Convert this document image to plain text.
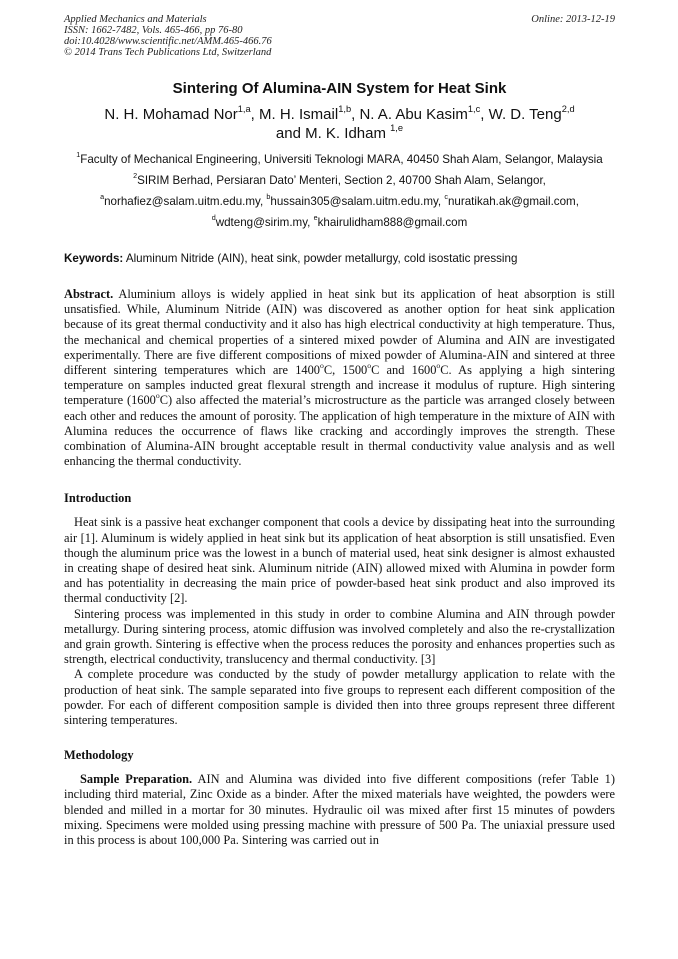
Applied Mechanics and Materials
ISSN: 1662-7482, Vols. 465-466, pp 76-80
doi:10.4028/www.scientific.net/AMM.465-466.76
© 2014 Trans Tech Publications Ltd, Switzerland
Online: 2013-12-19
Sintering Of Alumina-AIN System for Heat Sink
N. H. Mohamad Nor$^{1,a}$, M. H. Ismail$^{1,b}$, N. A. Abu Kasim$^{1,c}$, W. D. Teng$^{2,d}$
and M. K. Idham $^{1,e}$
$^1$Faculty of Mechanical Engineering, Universiti Teknologi MARA, 40450 Shah Alam, Selangor, Malaysia
$^2$SIRIM Berhad, Persiaran Dato’ Menteri, Section 2, 40700 Shah Alam, Selangor,
$^a$norhafiez@salam.uitm.edu.my, $^b$hussain305@salam.uitm.edu.my, $^c$nuratikah.ak@gmail.com,
$^d$wdteng@sirim.my, $^e$khairulidham888@gmail.com
Keywords: Aluminum Nitride (AIN), heat sink, powder metallurgy, cold isostatic pressing
Abstract. Aluminium alloys is widely applied in heat sink but its application of heat absorption is still unsatisfied. While, Aluminum Nitride (AIN) was discovered as another option for heat sink application because of its great thermal conductivity and it also has high electrical conductivity at high temperature. Thus, the mechanical and chemical properties of a sintered mixed powder of Alumina and AIN are investigated experimentally. There are five different compositions of mixed powder of Alumina-AIN and sintered at three different sintering temperatures which are 1400$^o$C, 1500$^o$C and 1600$^o$C. As applying a high sintering temperature on samples inducted great flexural strength and increase it modulus of rupture. High sintering temperature (1600$^o$C) also affected the material’s microstructure as the particle was arranged closely between each other and reduces the amount of porosity. The application of high temperature in the mixture of AIN with Alumina reduces the occurrence of flaws like cracking and accordingly improves the strength. These combination of Alumina-AIN brought acceptable result in thermal conductivity value analysis and as well enhancing the thermal conductivity.
Introduction
Heat sink is a passive heat exchanger component that cools a device by dissipating heat into the surrounding air [1]. Aluminum is widely applied in heat sink but its application of heat absorption is still unsatisfied. Even though the aluminum price was the lowest in a bunch of material used, heat sink designer is almost exhausted in creating shape of desired heat sink. Aluminum nitride (AIN) allowed mixed with Alumina in powder form and has potentiality in decreasing the main price of powder-based heat sink product and also improved its thermal conductivity [2].
Sintering process was implemented in this study in order to combine Alumina and AIN through powder metallurgy. During sintering process, atomic diffusion was involved completely and also the re-crystallization and grain growth. Sintering is effective when the process reduces the porosity and enhances properties such as strength, electrical conductivity, translucency and thermal conductivity. [3]
A complete procedure was conducted by the study of powder metallurgy application to relate with the production of heat sink. The sample separated into five groups to represent each different composition of the powder. For each of different composition sample is divided then into three groups represent three different sintering temperatures.
Methodology
Sample Preparation. AIN and Alumina was divided into five different compositions (refer Table 1) including third material, Zinc Oxide as a binder. After the mixed materials have weighted, the powders were blended and milled in a mortar for 30 minutes. Hydraulic oil was mixed after first 15 minutes of powders mixing. Specimens were molded using pressing machine with pressure of 500 Pa. The uniaxial pressure used in this process is about 100,000 Pa. Sintering was carried out in
